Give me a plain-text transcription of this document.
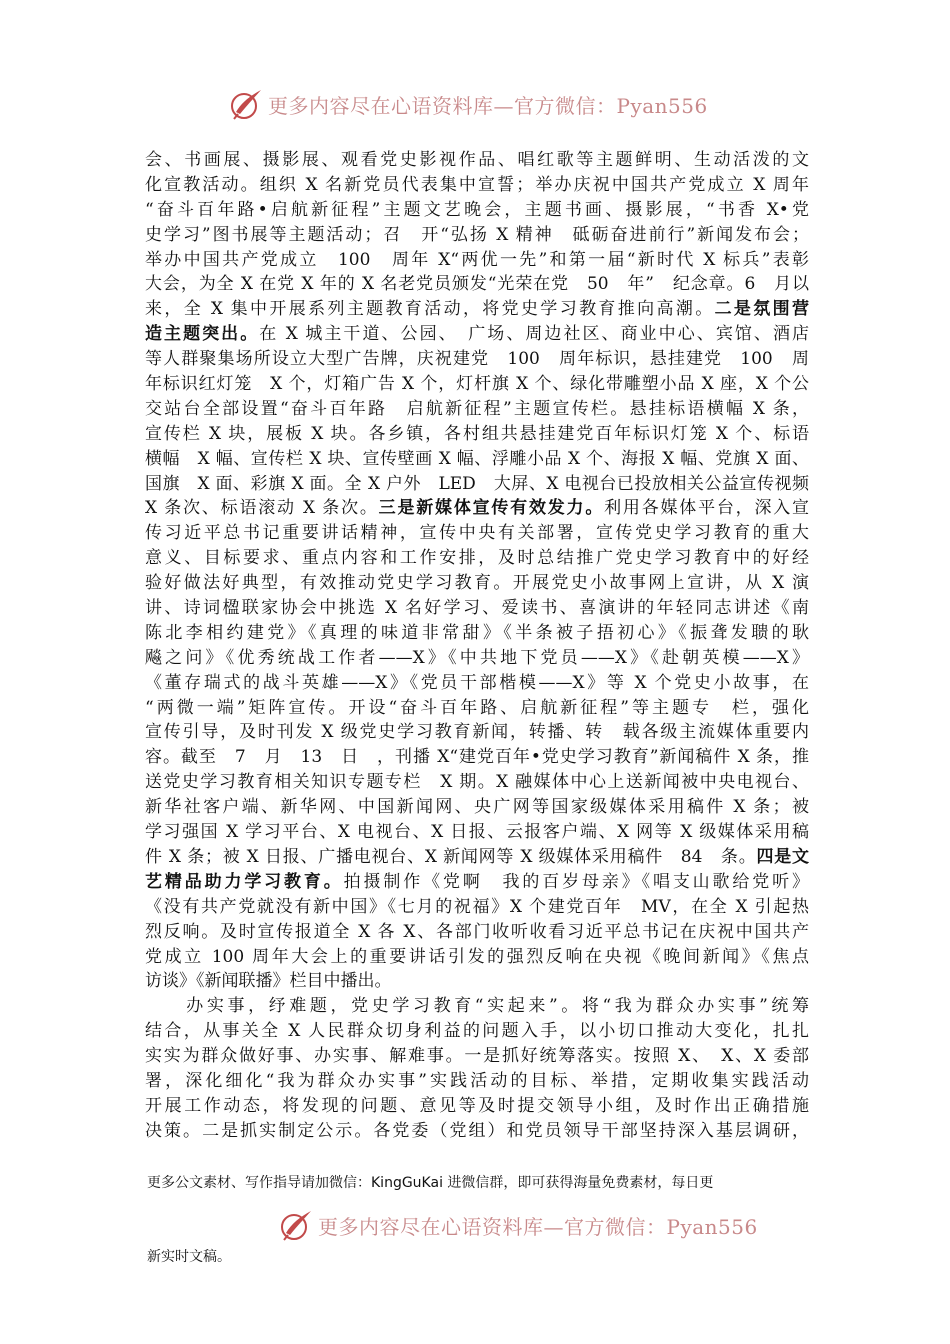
更多内容尽在心语资料库—官方微信：Pyan556
会、书画展、摄影展、观看党史影视作品、唱红歌等主题鲜明、生动活泼的文
化宣教活动。组织 X 名新党员代表集中宣誓；举办庆祝中国共产党成立 X 周年
“奋斗百年路•启航新征程”主题文艺晚会，主题书画、摄影展，“书香 X•党
史学习”图书展等主题活动；召　开“弘扬 X 精神　砥砺奋进前行”新闻发布会；
举办中国共产党成立　100　周年 X“两优一先”和第一届“新时代 X 标兵”表彰
大会，为全 X 在党 X 年的 X 名老党员颁发“光荣在党　50　年”　纪念章。6　月以
来，全 X 集中开展系列主题教育活动，将党史学习教育推向高潮。二是氛围营
造主题突出。在 X 城主干道、公园、　广场、周边社区、商业中心、宾馆、酒店
等人群聚集场所设立大型广告牌，庆祝建党　100　周年标识，悬挂建党　100　周
年标识红灯笼　X 个，灯箱广告 X 个，灯杆旗 X 个、绿化带雕塑小品 X 座，X 个公
交站台全部设置“奋斗百年路　启航新征程”主题宣传栏。悬挂标语横幅 X 条，
宣传栏 X 块，展板 X 块。各乡镇，各村组共悬挂建党百年标识灯笼 X 个、标语
横幅　X 幅、宣传栏 X 块、宣传壁画 X 幅、浮雕小品 X 个、海报 X 幅、党旗 X 面、
国旗　X 面、彩旗 X 面。全 X 户外　LED　大屏、X 电视台已投放相关公益宣传视频
X 条次、标语滚动 X 条次。三是新媒体宣传有效发力。利用各媒体平台，深入宣
传习近平总书记重要讲话精神，宣传中央有关部署，宣传党史学习教育的重大
意义、目标要求、重点内容和工作安排，及时总结推广党史学习教育中的好经
验好做法好典型，有效推动党史学习教育。开展党史小故事网上宣讲，从 X 演
讲、诗词楹联家协会中挑选 X 名好学习、爱读书、喜演讲的年轻同志讲述《南
陈北李相约建党》《真理的味道非常甜》《半条被子捂初心》《振聋发聩的耿
飚之问》《优秀统战工作者——X》《中共地下党员——X》《赴朝英模——X》
《董存瑞式的战斗英雄——X》《党员干部楷模——X》等 X 个党史小故事，在
“两微一端”矩阵宣传。开设“奋斗百年路、启航新征程”等主题专　栏，强化
宣传引导，及时刊发 X 级党史学习教育新闻，转播、转　载各级主流媒体重要内
容。截至　7　月　13　日　，刊播 X“建党百年•党史学习教育”新闻稿件 X 条，推
送党史学习教育相关知识专题专栏　X 期。X 融媒体中心上送新闻被中央电视台、
新华社客户端、新华网、中国新闻网、央广网等国家级媒体采用稿件 X 条；被
学习强国 X 学习平台、X 电视台、X 日报、云报客户端、X 网等 X 级媒体采用稿
件 X 条；被 X 日报、广播电视台、X 新闻网等 X 级媒体采用稿件　84　条。四是文
艺精品助力学习教育。拍摄制作《党啊　我的百岁母亲》《唱支山歌给党听》
《没有共产党就没有新中国》《七月的祝福》X 个建党百年　MV，在全 X 引起热
烈反响。及时宣传报道全 X 各 X、各部门收听收看习近平总书记在庆祝中国共产
党成立 100 周年大会上的重要讲话引发的强烈反响在央视《晚间新闻》《焦点
访谈》《新闻联播》栏目中播出。
　　办实事，纾难题，党史学习教育“实起来”。将“我为群众办实事”统筹
结合，从事关全 X 人民群众切身利益的问题入手，以小切口推动大变化，扎扎
实实为群众做好事、办实事、解难事。一是抓好统筹落实。按照 X、　X、X 委部
署，深化细化“我为群众办实事”实践活动的目标、举措，定期收集实践活动
开展工作动态，将发现的问题、意见等及时提交领导小组，及时作出正确措施
决策。二是抓实制定公示。各党委（党组）和党员领导干部坚持深入基层调研，
更多公文素材、写作指导请加微信：KingGuKai 进微信群，即可获得海量免费素材，每日更
更多内容尽在心语资料库—官方微信：Pyan556
新实时文稿。
